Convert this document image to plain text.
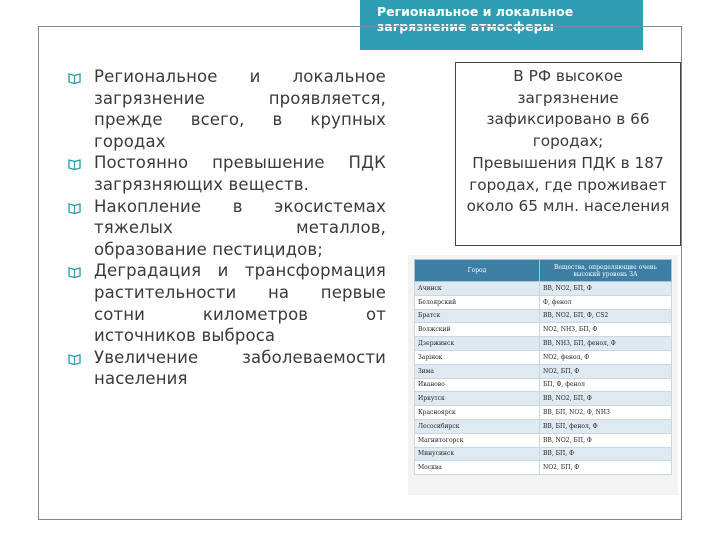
Региональное и локальное загрязнение атмосферы
Региональное и локальное загрязнение проявляется, прежде всего, в крупных городах
Постоянно превышение ПДК загрязняющих веществ.
Накопление в экосистемах тяжелых металлов, образование пестицидов;
Деградация и трансформация растительности на первые сотни километров от источников выброса
Увеличение заболеваемости населения

В РФ высокое загрязнение зафиксировано в 66 городах;

Превышения ПДК в 187 городах, где проживает около 65 млн. населения

Город	Вещества, определяющие очень высокий уровень ЗА
Ачинск	ВВ, NO2, БП, Ф
Белоярский	Ф, фенол
Братск	ВВ, NO2, БП, Ф, CS2
Волжский	NO2, NH3, БП, Ф
Дзержинск	ВВ, NH3, БП, фенол, Ф
Зарінок	NO2, фенол, Ф
Зима	NO2, БП, Ф
Иваново	БП, Ф, фенол
Иркутск	ВВ, NO2, БП, Ф
Красноярск	ВВ, БП, NO2, Ф, NH3
Лесосибирск	ВВ, БП, фенол, Ф
Магнитогорск	ВВ, NO2, БП, Ф
Минусинск	ВВ, БП, Ф
Москва	NO2, БП, Ф
